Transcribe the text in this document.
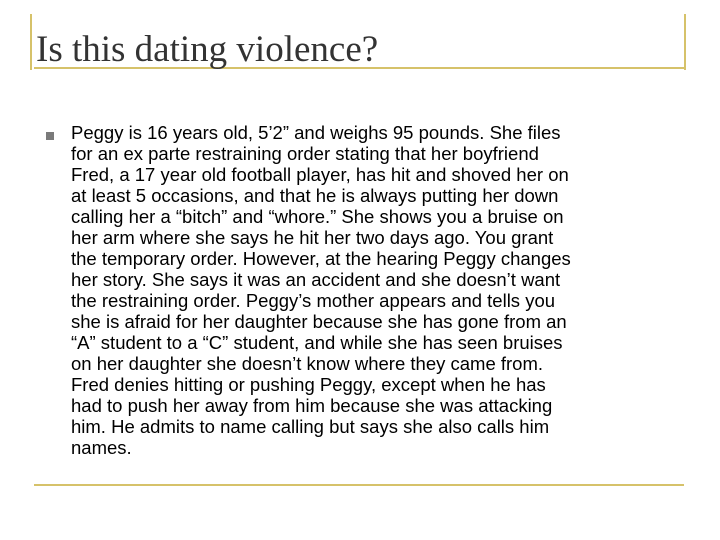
Is this dating violence?
Peggy is 16 years old, 5’2” and weighs 95 pounds. She files
for an ex parte restraining order stating that her boyfriend
Fred, a 17 year old football player, has hit and shoved her on
at least 5 occasions, and that he is always putting her down
calling her a “bitch” and “whore.” She shows you a bruise on
her arm where she says he hit her two days ago. You grant
the temporary order. However, at the hearing Peggy changes
her story. She says it was an accident and she doesn’t want
the restraining order. Peggy’s mother appears and tells you
she is afraid for her daughter because she has gone from an
“A” student to a “C” student, and while she has seen bruises
on her daughter she doesn’t know where they came from.
Fred denies hitting or pushing Peggy, except when he has
had to push her away from him because she was attacking
him. He admits to name calling but says she also calls him
names.
